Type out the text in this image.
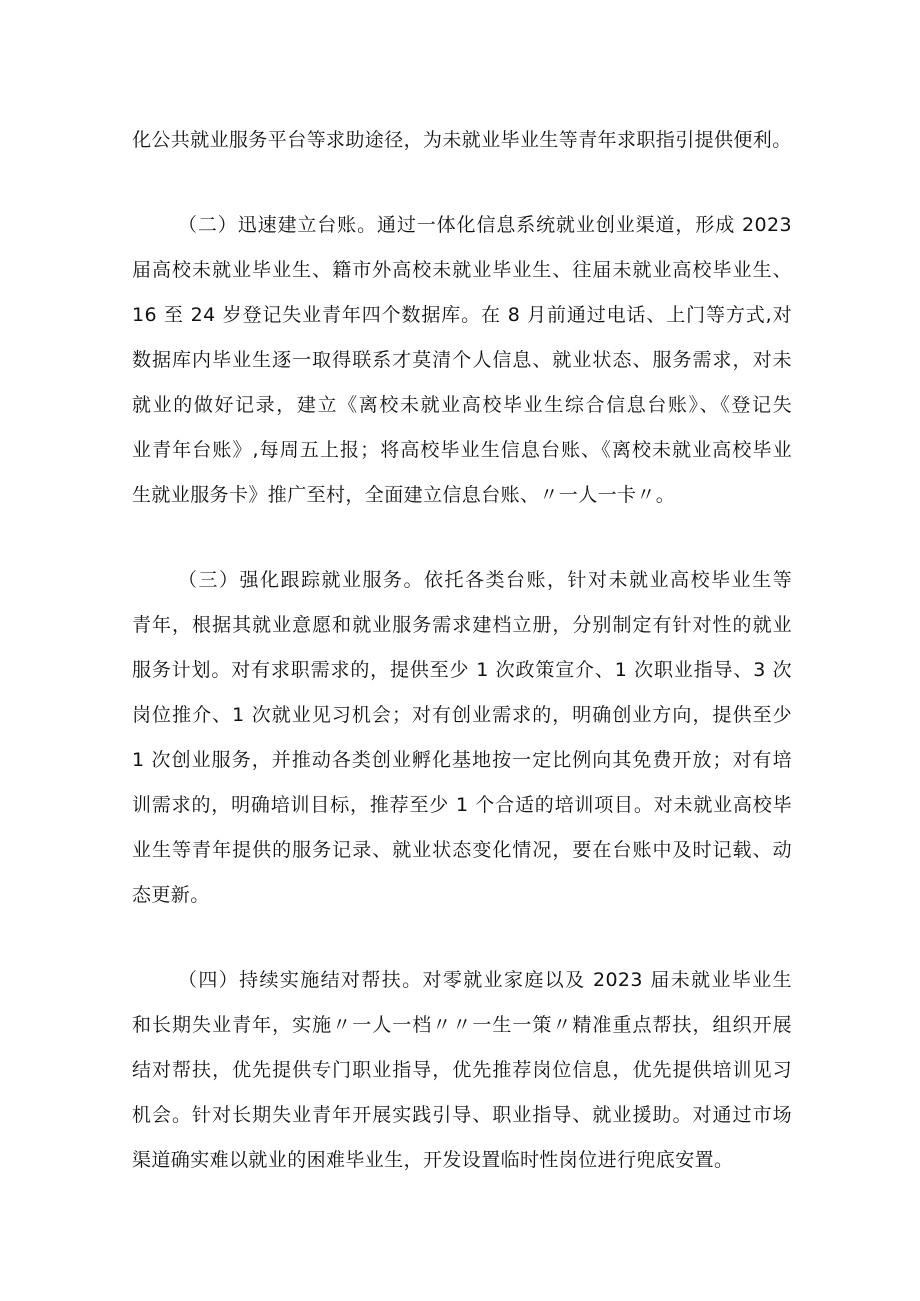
化公共就业服务平台等求助途径，为未就业毕业生等青年求职指引提供便利。

（二）迅速建立台账。通过一体化信息系统就业创业渠道，形成 2023

届高校未就业毕业生、籍市外高校未就业毕业生、往届未就业高校毕业生、

16 至 24 岁登记失业青年四个数据库。在 8 月前通过电话、上门等方式,对

数据库内毕业生逐一取得联系才莫清个人信息、就业状态、服务需求，对未

就业的做好记录，建立《离校未就业高校毕业生综合信息台账》、《登记失

业青年台账》,每周五上报；将高校毕业生信息台账、《离校未就业高校毕业

生就业服务卡》推广至村，全面建立信息台账、〃一人一卡〃。

（三）强化跟踪就业服务。依托各类台账，针对未就业高校毕业生等

青年，根据其就业意愿和就业服务需求建档立册，分别制定有针对性的就业

服务计划。对有求职需求的，提供至少 1 次政策宣介、1 次职业指导、3 次

岗位推介、1 次就业见习机会；对有创业需求的，明确创业方向，提供至少

1 次创业服务，并推动各类创业孵化基地按一定比例向其免费开放；对有培

训需求的，明确培训目标，推荐至少 1 个合适的培训项目。对未就业高校毕

业生等青年提供的服务记录、就业状态变化情况，要在台账中及时记载、动

态更新。

（四）持续实施结对帮扶。对零就业家庭以及 2023 届未就业毕业生

和长期失业青年，实施〃一人一档〃〃一生一策〃精准重点帮扶，组织开展

结对帮扶，优先提供专门职业指导，优先推荐岗位信息，优先提供培训见习

机会。针对长期失业青年开展实践引导、职业指导、就业援助。对通过市场

渠道确实难以就业的困难毕业生，开发设置临时性岗位进行兜底安置。
